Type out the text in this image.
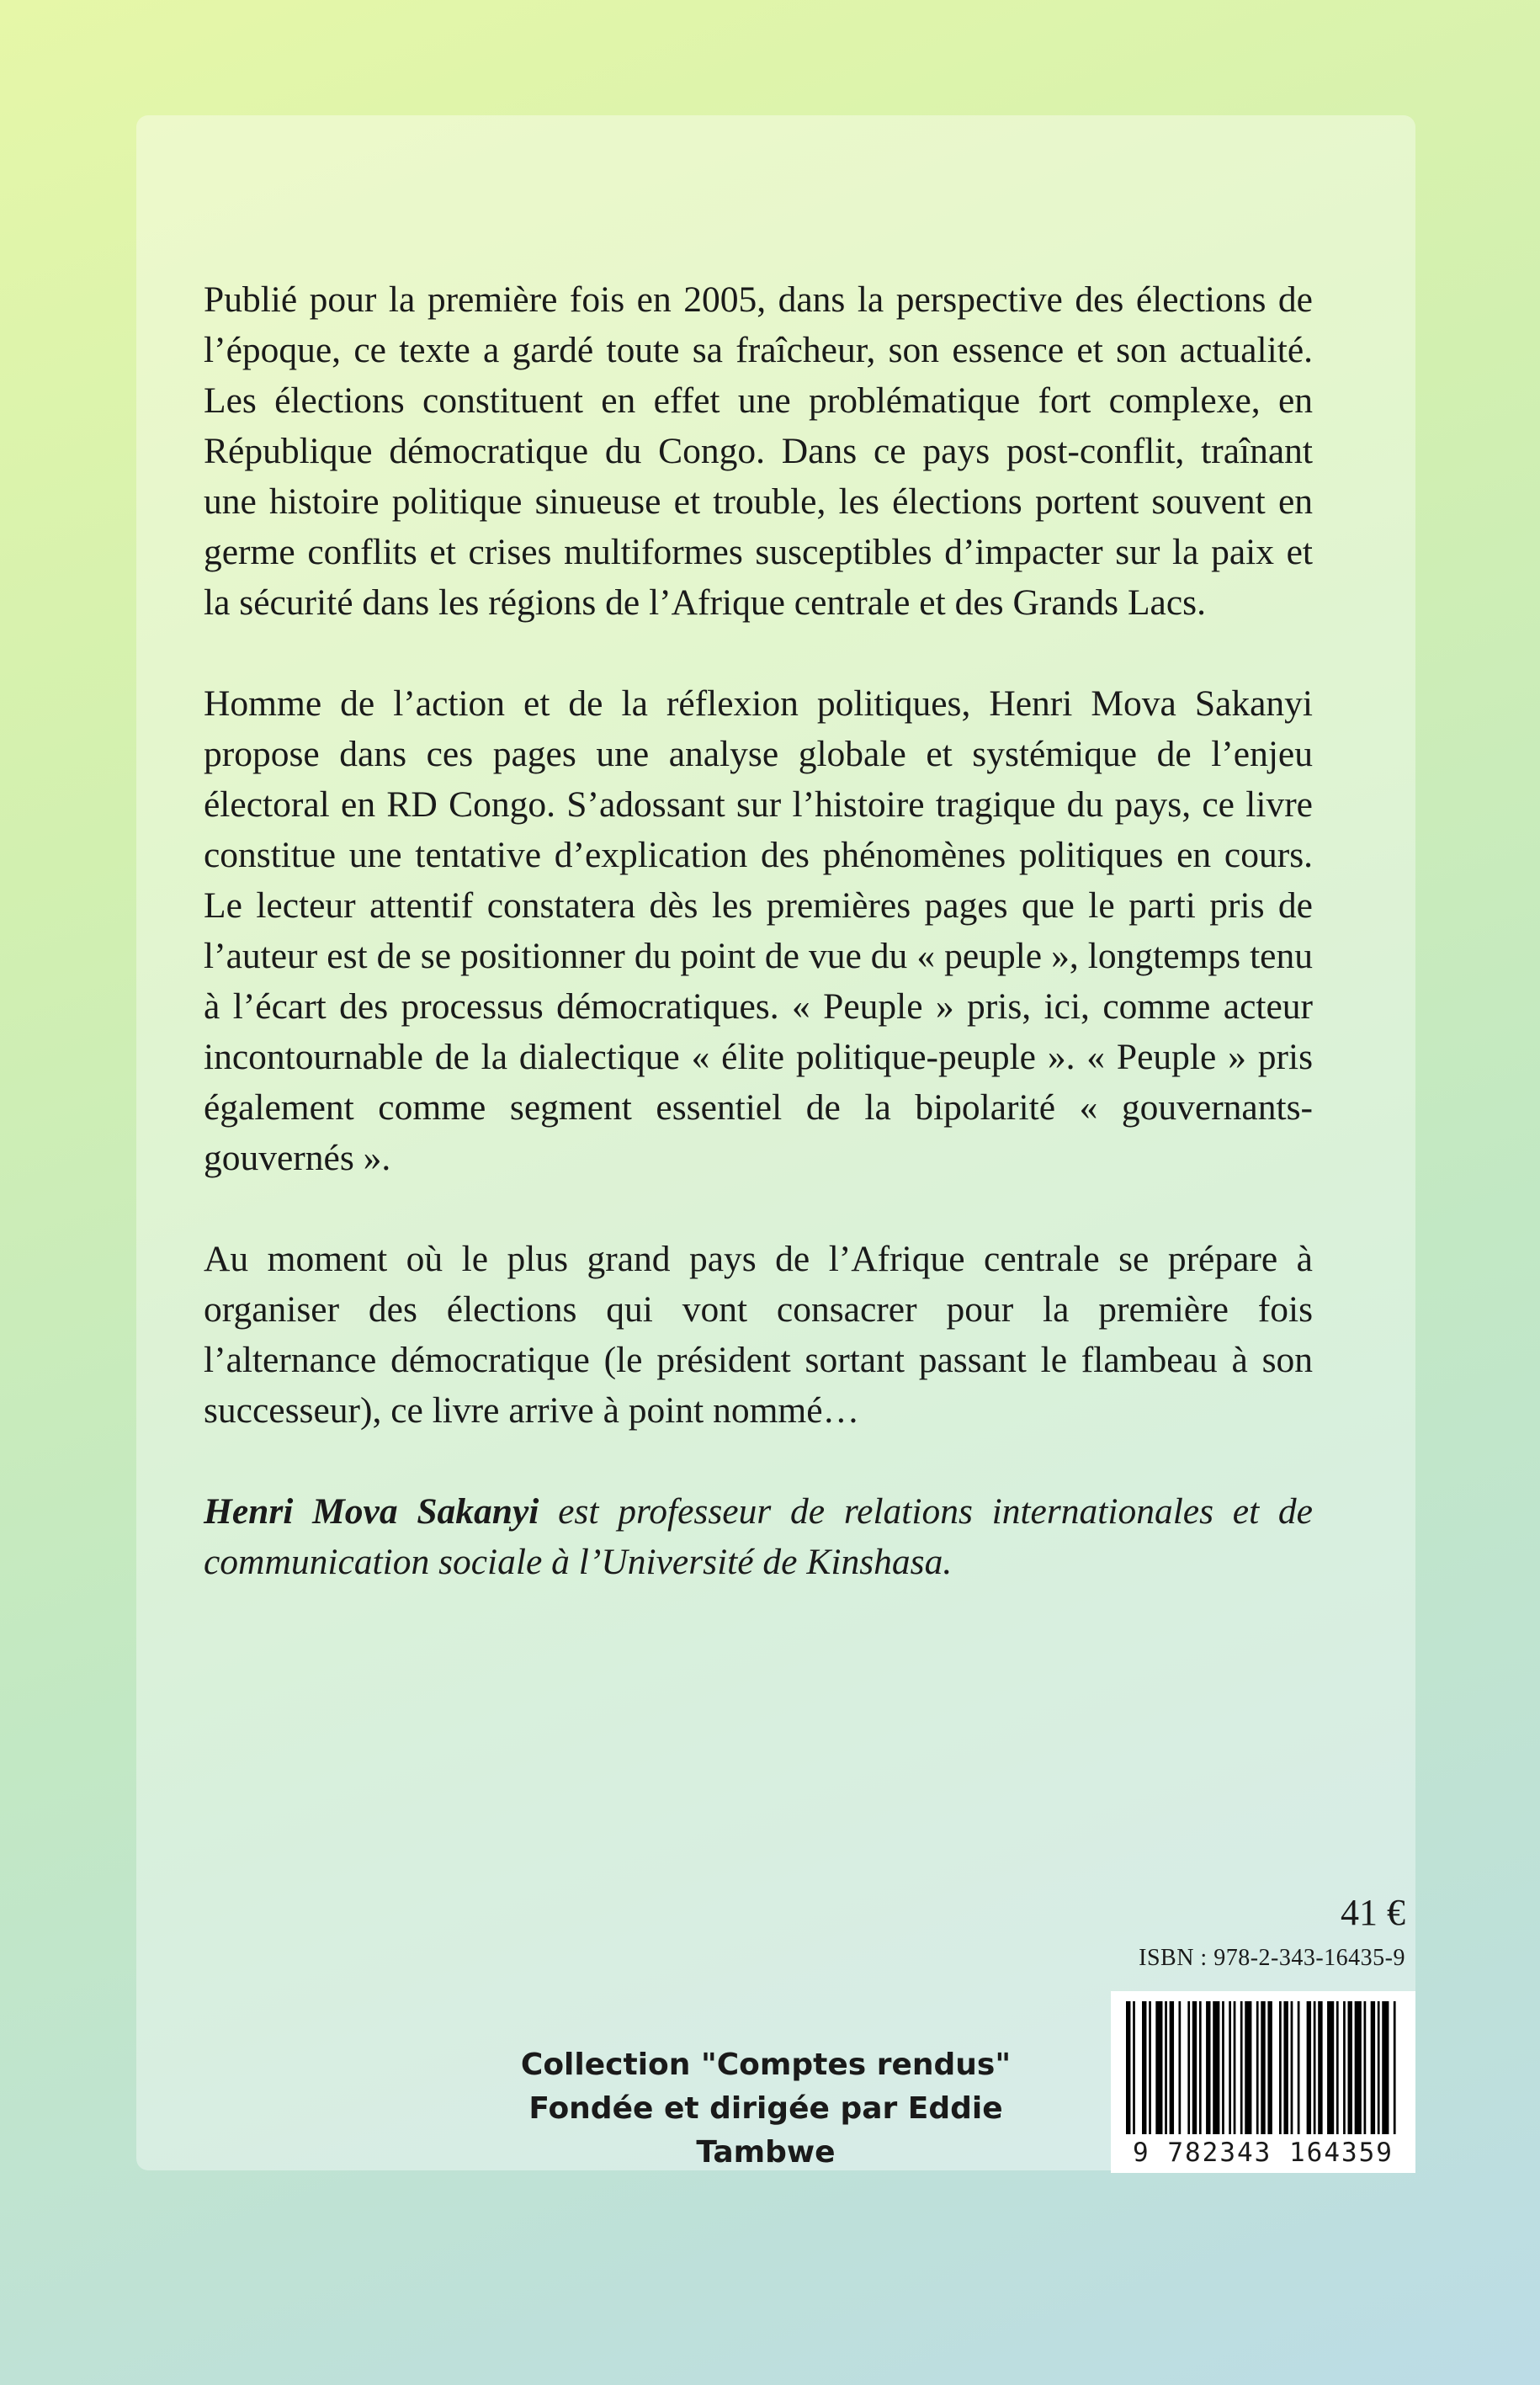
Publié pour la première fois en 2005, dans la perspective des élections de l’époque, ce texte a gardé toute sa fraîcheur, son essence et son actualité. Les élections constituent en effet une problématique fort complexe, en République démocratique du Congo. Dans ce pays post-conflit, traînant une histoire politique sinueuse et trouble, les élections portent souvent en germe conflits et crises multiformes susceptibles d’impacter sur la paix et la sécurité dans les régions de l’Afrique centrale et des Grands Lacs.

Homme de l’action et de la réflexion politiques, Henri Mova Sakanyi propose dans ces pages une analyse globale et systémique de l’enjeu électoral en RD Congo. S’adossant sur l’histoire tragique du pays, ce livre constitue une tentative d’explication des phénomènes politiques en cours. Le lecteur attentif constatera dès les premières pages que le parti pris de l’auteur est de se positionner du point de vue du « peuple », longtemps tenu à l’écart des processus démocratiques. « Peuple » pris, ici, comme acteur incontournable de la dialectique « élite politique-peuple ». « Peuple » pris également comme segment essentiel de la bipolarité « gouvernants-gouvernés ».

Au moment où le plus grand pays de l’Afrique centrale se prépare à organiser des élections qui vont consacrer pour la première fois l’alternance démocratique (le président sortant passant le flambeau à son successeur), ce livre arrive à point nommé…

Henri Mova Sakanyi est professeur de relations internationales et de communication sociale à l’Université de Kinshasa.

41 €
ISBN : 978-2-343-16435-9
9 782343 164359
Collection "Comptes rendus"
Fondée et dirigée par Eddie Tambwe
